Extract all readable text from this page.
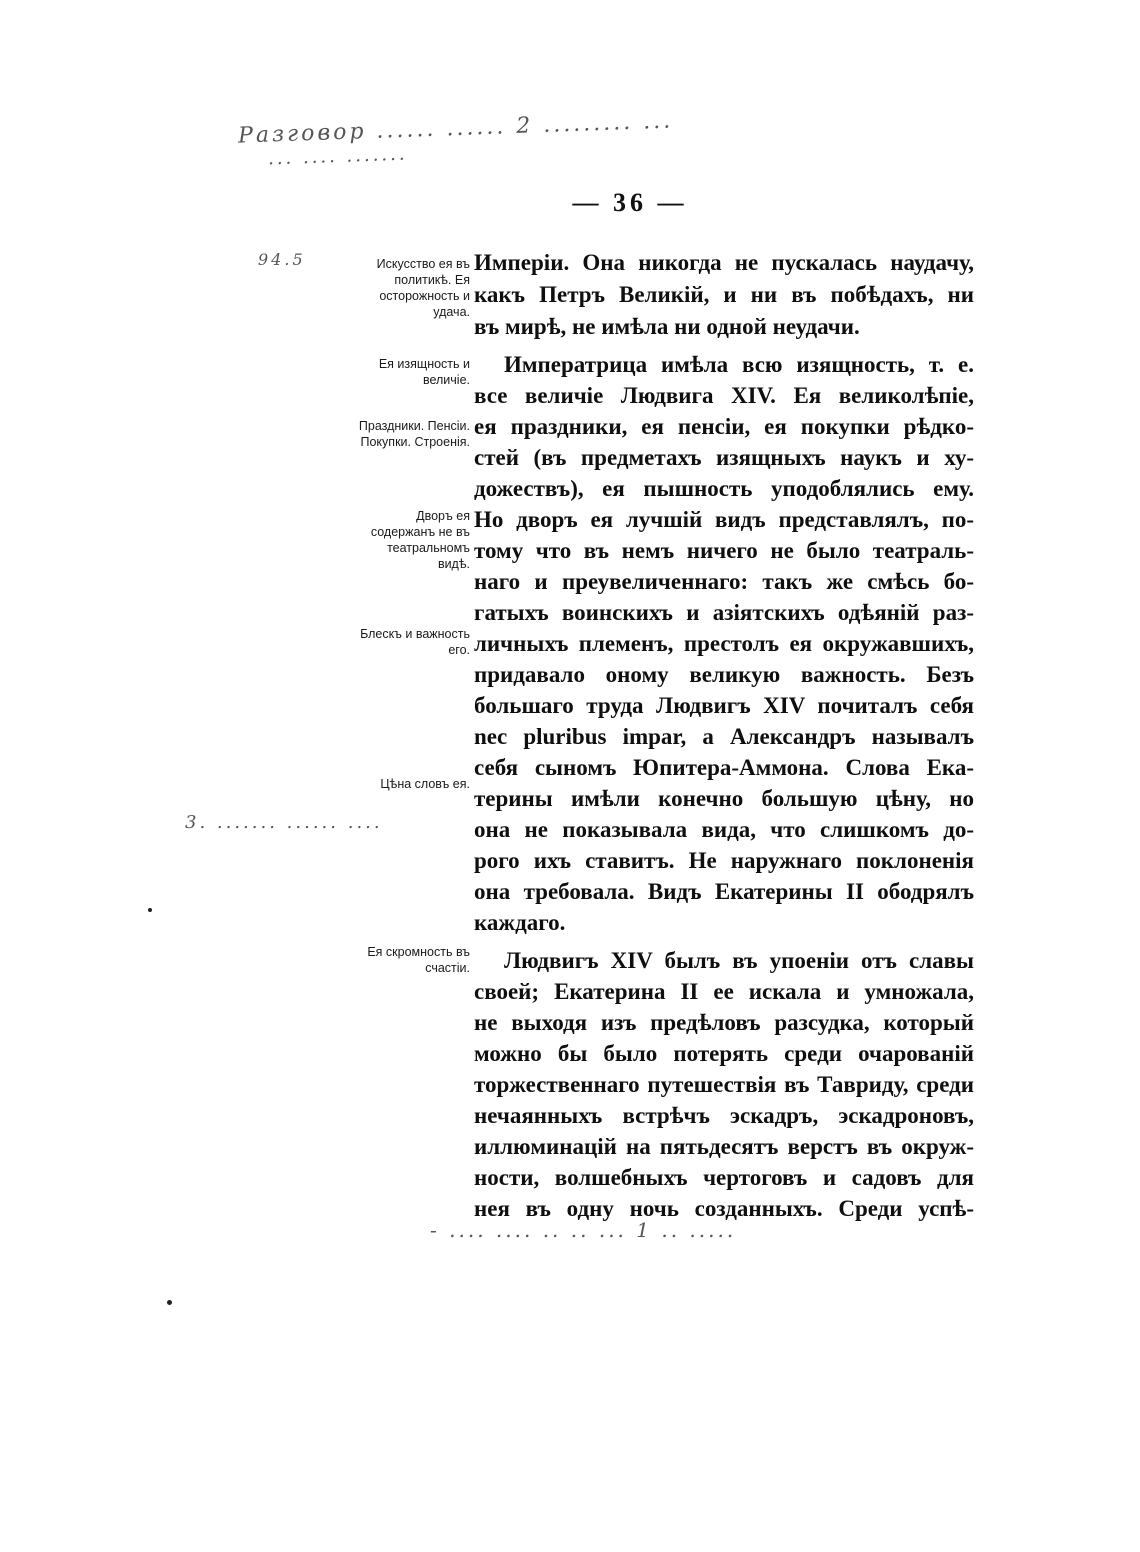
Разговор ...... ...... 2 ......... ...
... .... .......
94.5
— 36 —
Искусство ея въ политикѣ. Ея осторожность и удача.
Ея изящность и величіе.
Праздники. Пенсіи. Покупки. Строенія.
Дворъ ея содержанъ не въ театральномъ видѣ.
Блескъ и важность его.
Цѣна словъ ея.
Ея скромность въ счастіи.
Имперіи. Она никогда не пускалась наудачу,
какъ Петръ Великій, и ни въ побѣдахъ, ни
въ мирѣ, не имѣла ни одной неудачи.
Императрица имѣла всю изящность, т. е.
все величіе Людвига XIV. Ея великолѣпіе,
ея праздники, ея пенсіи, ея покупки рѣдко-
стей (въ предметахъ изящныхъ наукъ и ху-
дожествъ), ея пышность уподоблялись ему.
Но дворъ ея лучшій видъ представлялъ, по-
тому что въ немъ ничего не было театраль-
наго и преувеличеннаго: такъ же смѣсь бо-
гатыхъ воинскихъ и азіятскихъ одѣяній раз-
личныхъ племенъ, престолъ ея окружавшихъ,
придавало оному великую важность. Безъ
большаго труда Людвигъ XIV почиталъ себя
nec pluribus impar, а Александръ называлъ
себя сыномъ Юпитера-Аммона. Слова Ека-
терины имѣли конечно большую цѣну, но
она не показывала вида, что слишкомъ до-
рого ихъ ставитъ. Не наружнаго поклоненія
она требовала. Видъ Екатерины II ободрялъ
каждаго.
Людвигъ XIV былъ въ упоеніи отъ славы
своей; Екатерина II ее искала и умножала,
не выходя изъ предѣловъ разсудка, который
можно бы было потерять среди очарованій
торжественнаго путешествія въ Тавриду, среди
нечаянныхъ встрѣчъ эскадръ, эскадроновъ,
иллюминацій на пятьдесятъ верстъ въ окруж-
ности, волшебныхъ чертоговъ и садовъ для
нея въ одну ночь созданныхъ. Среди успѣ-
3. ....... ...... ....
- .... .... .. .. ... 1 .. .....
